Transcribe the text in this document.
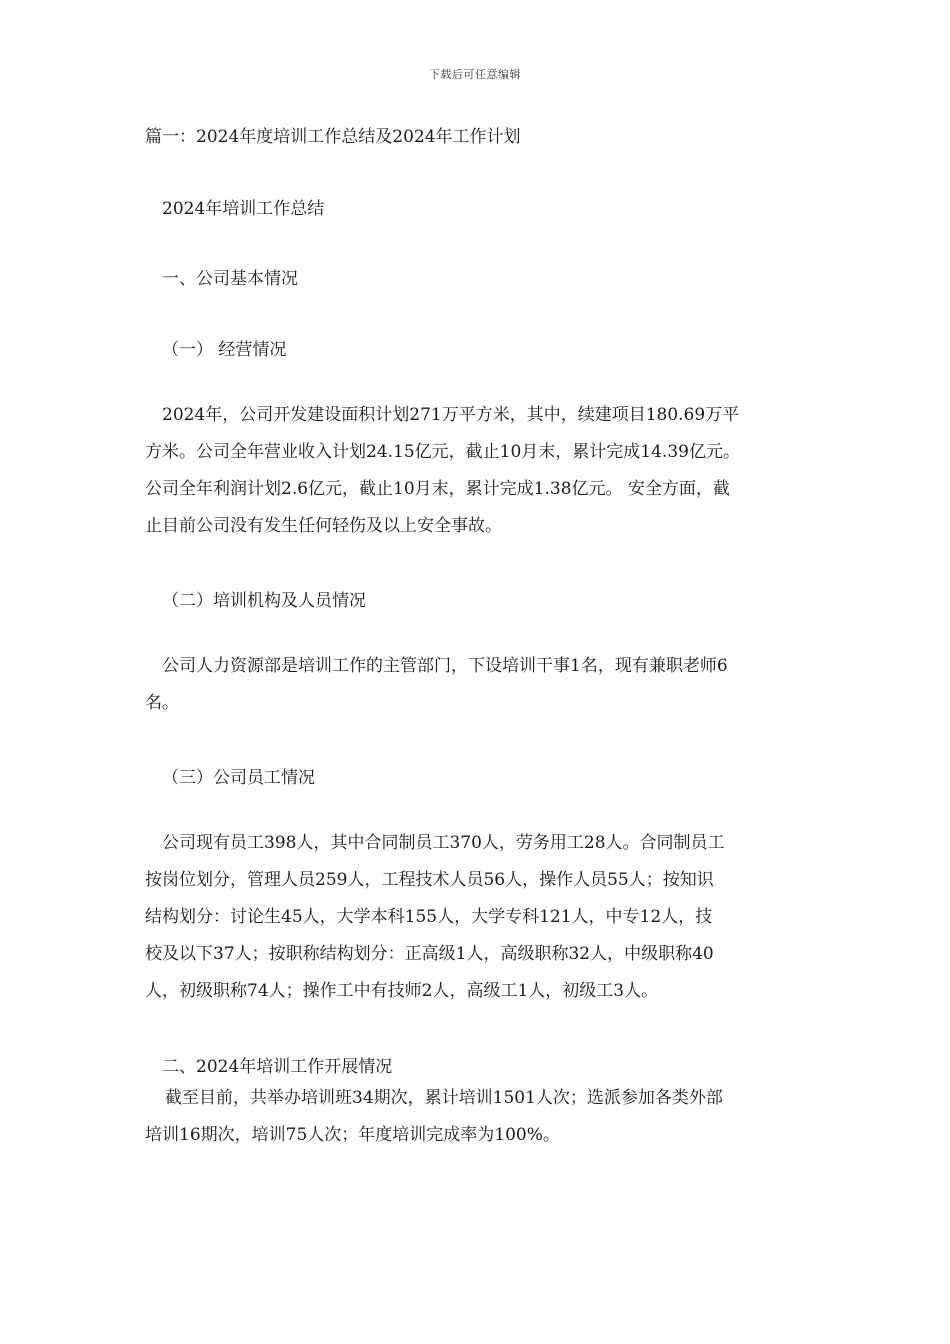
下载后可任意编辑
篇一：2024年度培训工作总结及2024年工作计划
2024年培训工作总结
一、公司基本情况
（一） 经营情况
2024年，公司开发建设面积计划271万平方米，其中，续建项目180.69万平
方米。公司全年营业收入计划24.15亿元，截止10月末，累计完成14.39亿元。
公司全年利润计划2.6亿元，截止10月末，累计完成1.38亿元。 安全方面，截
止目前公司没有发生任何轻伤及以上安全事故。
（二）培训机构及人员情况
公司人力资源部是培训工作的主管部门，下设培训干事1名，现有兼职老师6
名。
（三）公司员工情况
公司现有员工398人，其中合同制员工370人，劳务用工28人。合同制员工
按岗位划分，管理人员259人，工程技术人员56人，操作人员55人；按知识
结构划分：讨论生45人，大学本科155人，大学专科121人，中专12人，技
校及以下37人；按职称结构划分：正高级1人，高级职称32人，中级职称40
人，初级职称74人；操作工中有技师2人，高级工1人，初级工3人。
二、2024年培训工作开展情况
截至目前，共举办培训班34期次，累计培训1501人次；选派参加各类外部
培训16期次，培训75人次；年度培训完成率为100%。
